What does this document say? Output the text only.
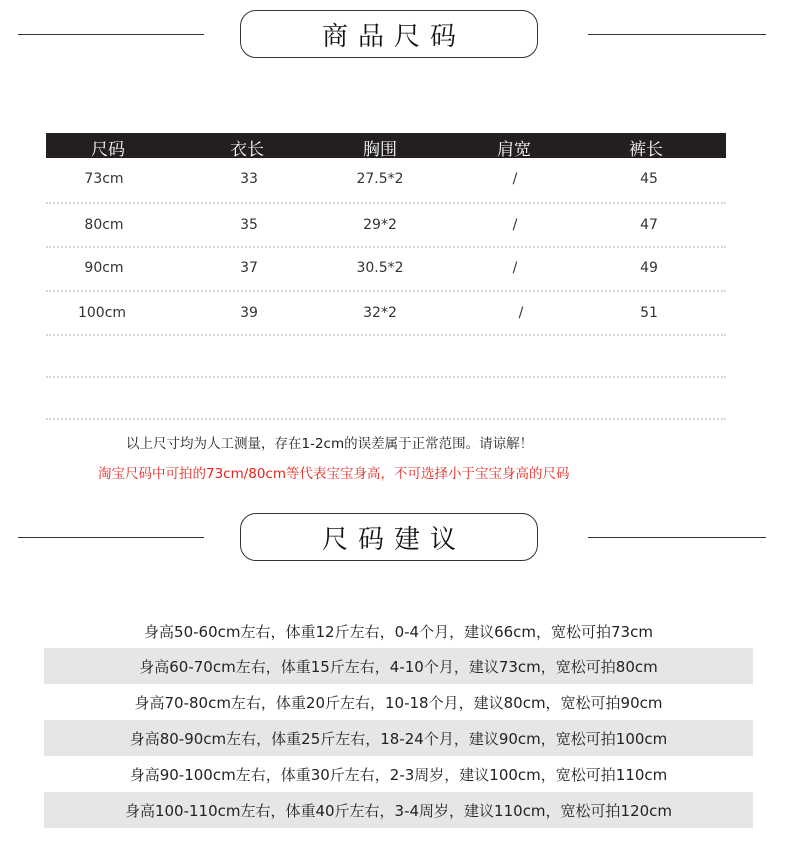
商品尺码
尺码	衣长	胸围	肩宽	裤长
73cm	33	27.5*2	/	45
80cm	35	29*2	/	47
90cm	37	30.5*2	/	49
100cm	39	32*2	/	51
以上尺寸均为人工测量，存在1-2cm的误差属于正常范围。请谅解！
淘宝尺码中可拍的73cm/80cm等代表宝宝身高，不可选择小于宝宝身高的尺码
尺码建议
身高50-60cm左右，体重12斤左右，0-4个月，建议66cm，宽松可拍73cm
身高60-70cm左右，体重15斤左右，4-10个月，建议73cm，宽松可拍80cm
身高70-80cm左右，体重20斤左右，10-18个月，建议80cm，宽松可拍90cm
身高80-90cm左右，体重25斤左右，18-24个月，建议90cm，宽松可拍100cm
身高90-100cm左右，体重30斤左右，2-3周岁，建议100cm，宽松可拍110cm
身高100-110cm左右，体重40斤左右，3-4周岁，建议110cm，宽松可拍120cm
